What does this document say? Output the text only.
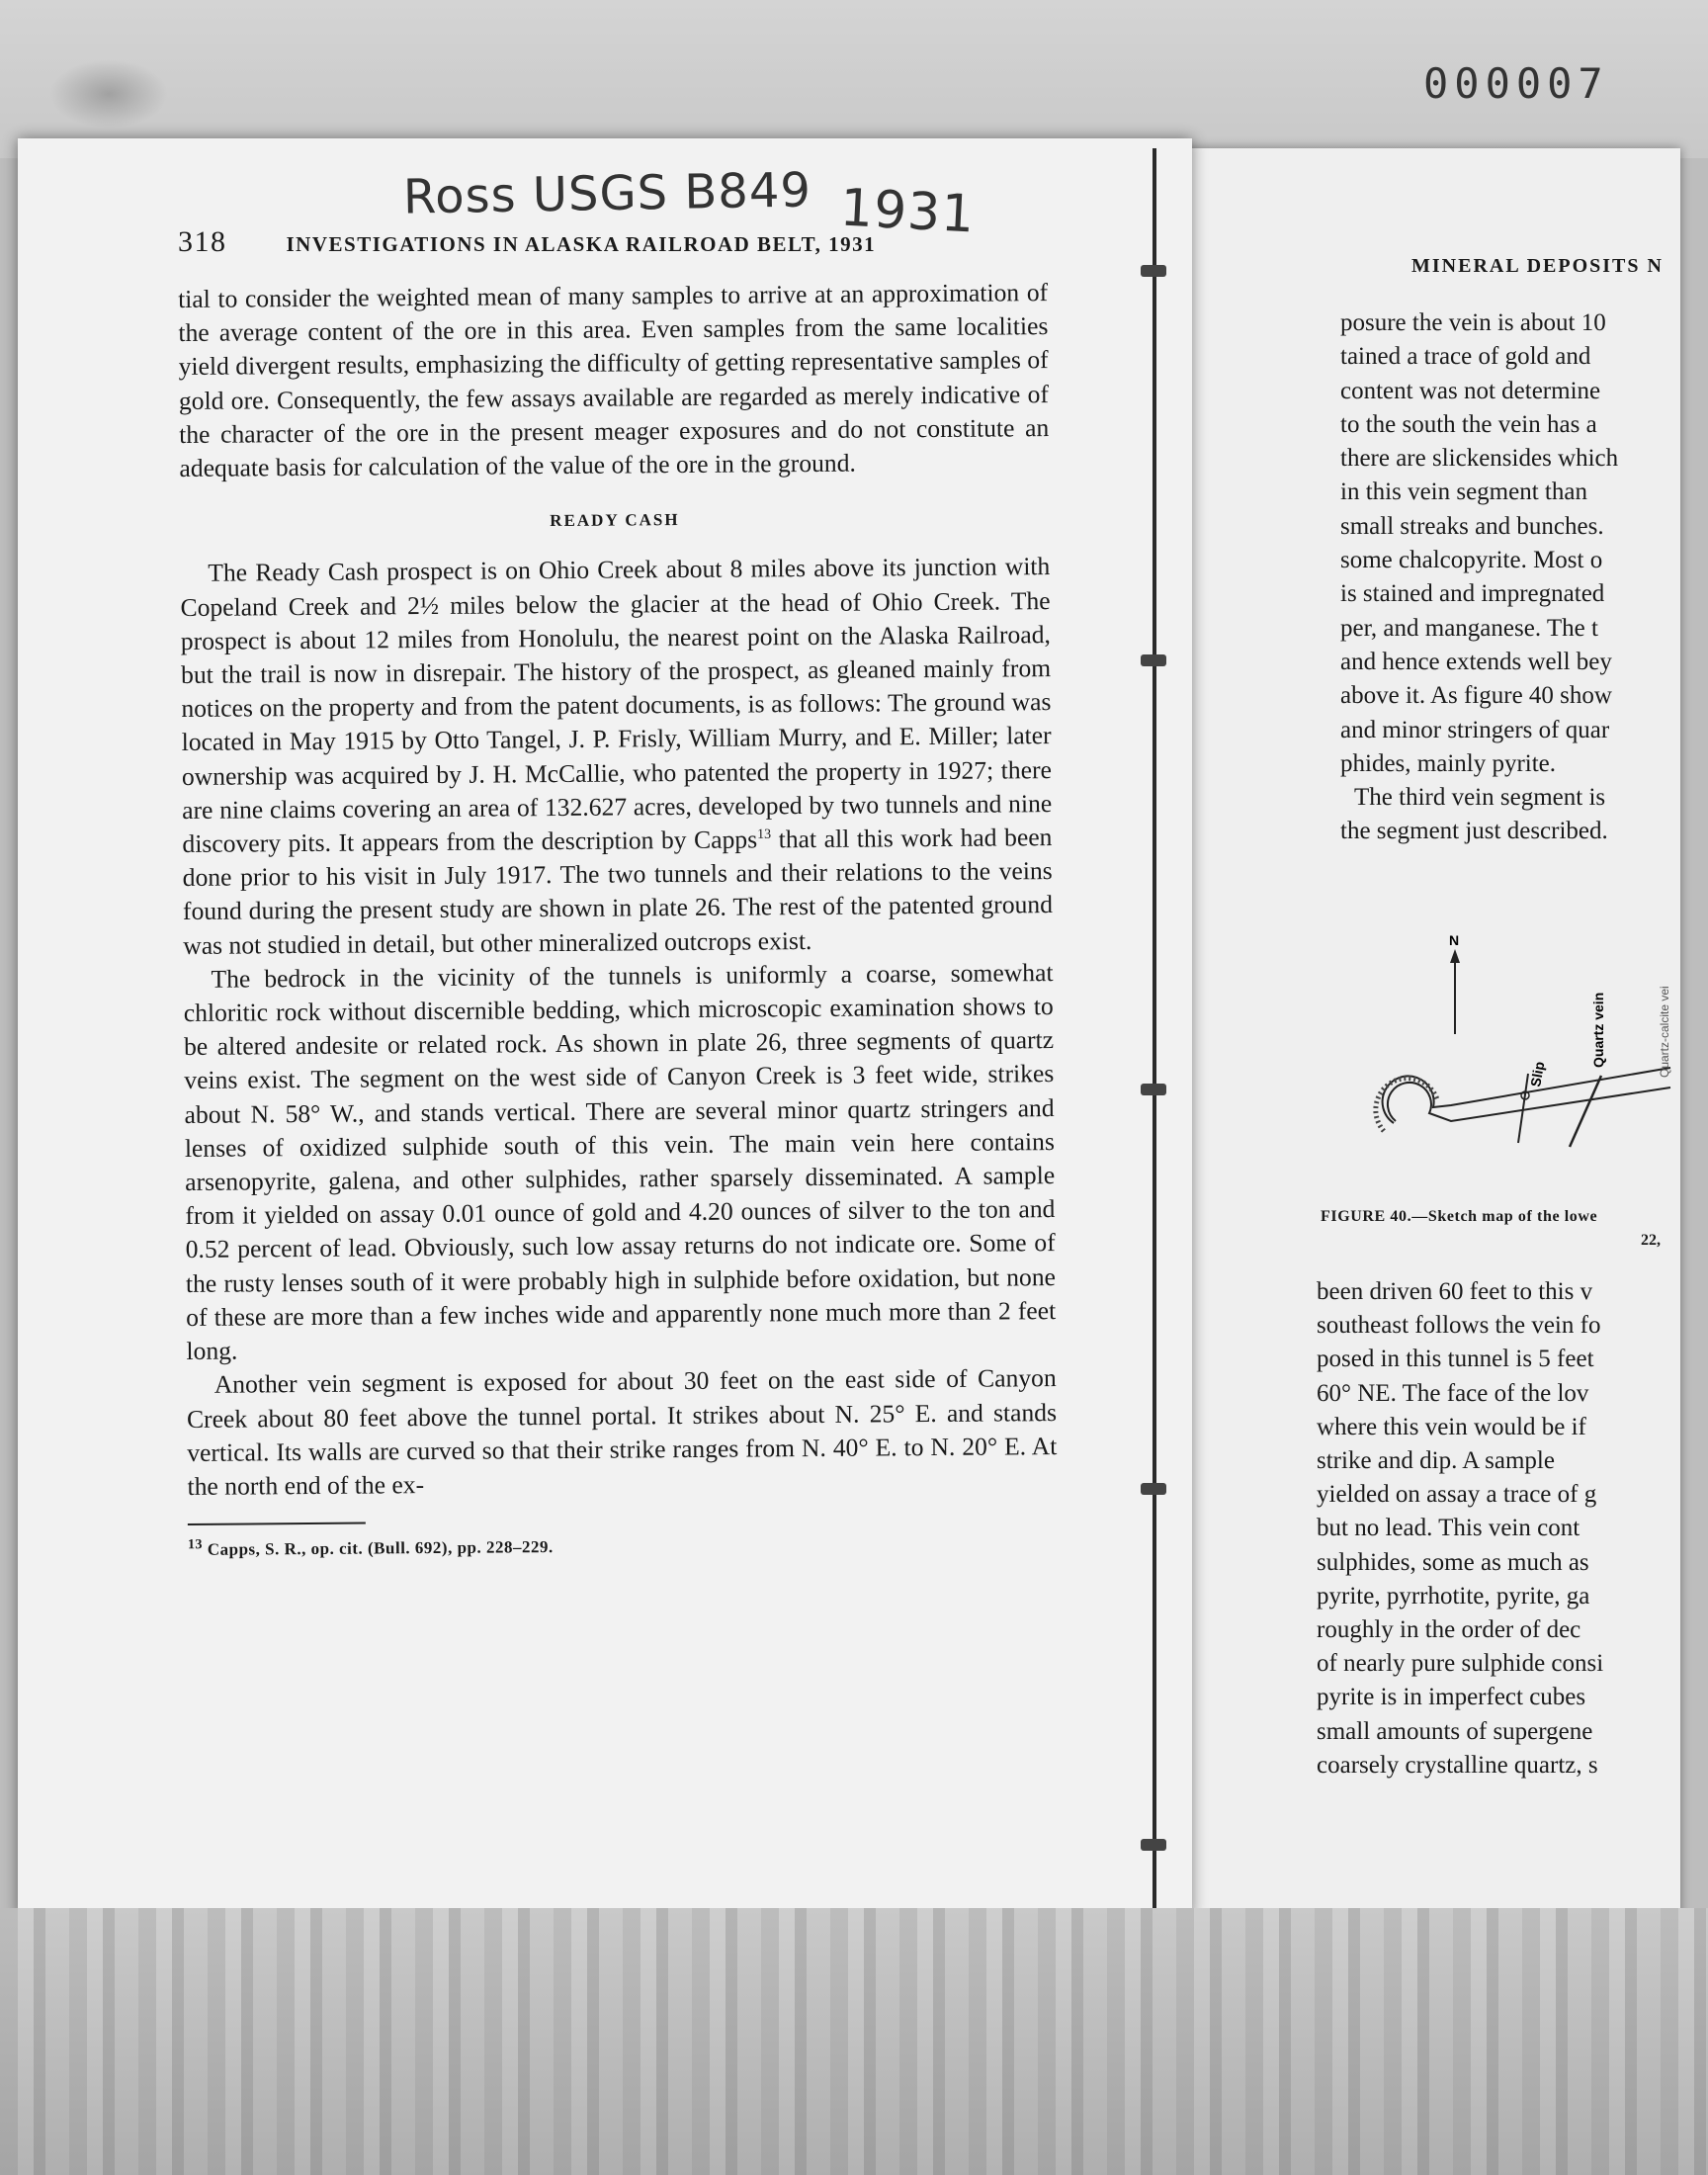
000007
Ross USGS B849 1931
318	INVESTIGATIONS IN ALASKA RAILROAD BELT, 1931

tial to consider the weighted mean of many samples to arrive at an approximation of the average content of the ore in this area. Even samples from the same localities yield divergent results, emphasizing the difficulty of getting representative samples of gold ore. Consequently, the few assays available are regarded as merely indicative of the character of the ore in the present meager exposures and do not constitute an adequate basis for calculation of the value of the ore in the ground.

READY CASH

The Ready Cash prospect is on Ohio Creek about 8 miles above its junction with Copeland Creek and 2½ miles below the glacier at the head of Ohio Creek. The prospect is about 12 miles from Honolulu, the nearest point on the Alaska Railroad, but the trail is now in disrepair. The history of the prospect, as gleaned mainly from notices on the property and from the patent documents, is as follows: The ground was located in May 1915 by Otto Tangel, J. P. Frisly, William Murry, and E. Miller; later ownership was acquired by J. H. McCallie, who patented the property in 1927; there are nine claims covering an area of 132.627 acres, developed by two tunnels and nine discovery pits. It appears from the description by Capps$^{13}$ that all this work had been done prior to his visit in July 1917. The two tunnels and their relations to the veins found during the present study are shown in plate 26. The rest of the patented ground was not studied in detail, but other mineralized outcrops exist.

The bedrock in the vicinity of the tunnels is uniformly a coarse, somewhat chloritic rock without discernible bedding, which microscopic examination shows to be altered andesite or related rock. As shown in plate 26, three segments of quartz veins exist. The segment on the west side of Canyon Creek is 3 feet wide, strikes about N. 58° W., and stands vertical. There are several minor quartz stringers and lenses of oxidized sulphide south of this vein. The main vein here contains arsenopyrite, galena, and other sulphides, rather sparsely disseminated. A sample from it yielded on assay 0.01 ounce of gold and 4.20 ounces of silver to the ton and 0.52 percent of lead. Obviously, such low assay returns do not indicate ore. Some of the rusty lenses south of it were probably high in sulphide before oxidation, but none of these are more than a few inches wide and apparently none much more than 2 feet long.

Another vein segment is exposed for about 30 feet on the east side of Canyon Creek about 80 feet above the tunnel portal. It strikes about N. 25° E. and stands vertical. Its walls are curved so that their strike ranges from N. 40° E. to N. 20° E. At the north end of the ex-

$^{13}$ Capps, S. R., op. cit. (Bull. 692), pp. 228–229.
MINERAL DEPOSITS N
posure the vein is about 10
tained a trace of gold and
content was not determine
to the south the vein has a
there are slickensides which
in this vein segment than
small streaks and bunches.
some chalcopyrite. Most o
is stained and impregnated
per, and manganese. The t
and hence extends well bey
above it. As figure 40 show
and minor stringers of quar
phides, mainly pyrite.
The third vein segment is
the segment just described.
N
Slip
Quartz vein	Quartz-calcite vei
FIGURE 40.—Sketch map of the lowe
22,
been driven 60 feet to this v
southeast follows the vein fo
posed in this tunnel is 5 feet
60° NE. The face of the lov
where this vein would be if
strike and dip. A sample
yielded on assay a trace of g
but no lead. This vein cont
sulphides, some as much as
pyrite, pyrrhotite, pyrite, ga
roughly in the order of dec
of nearly pure sulphide consi
pyrite is in imperfect cubes
small amounts of supergene
coarsely crystalline quartz, s
